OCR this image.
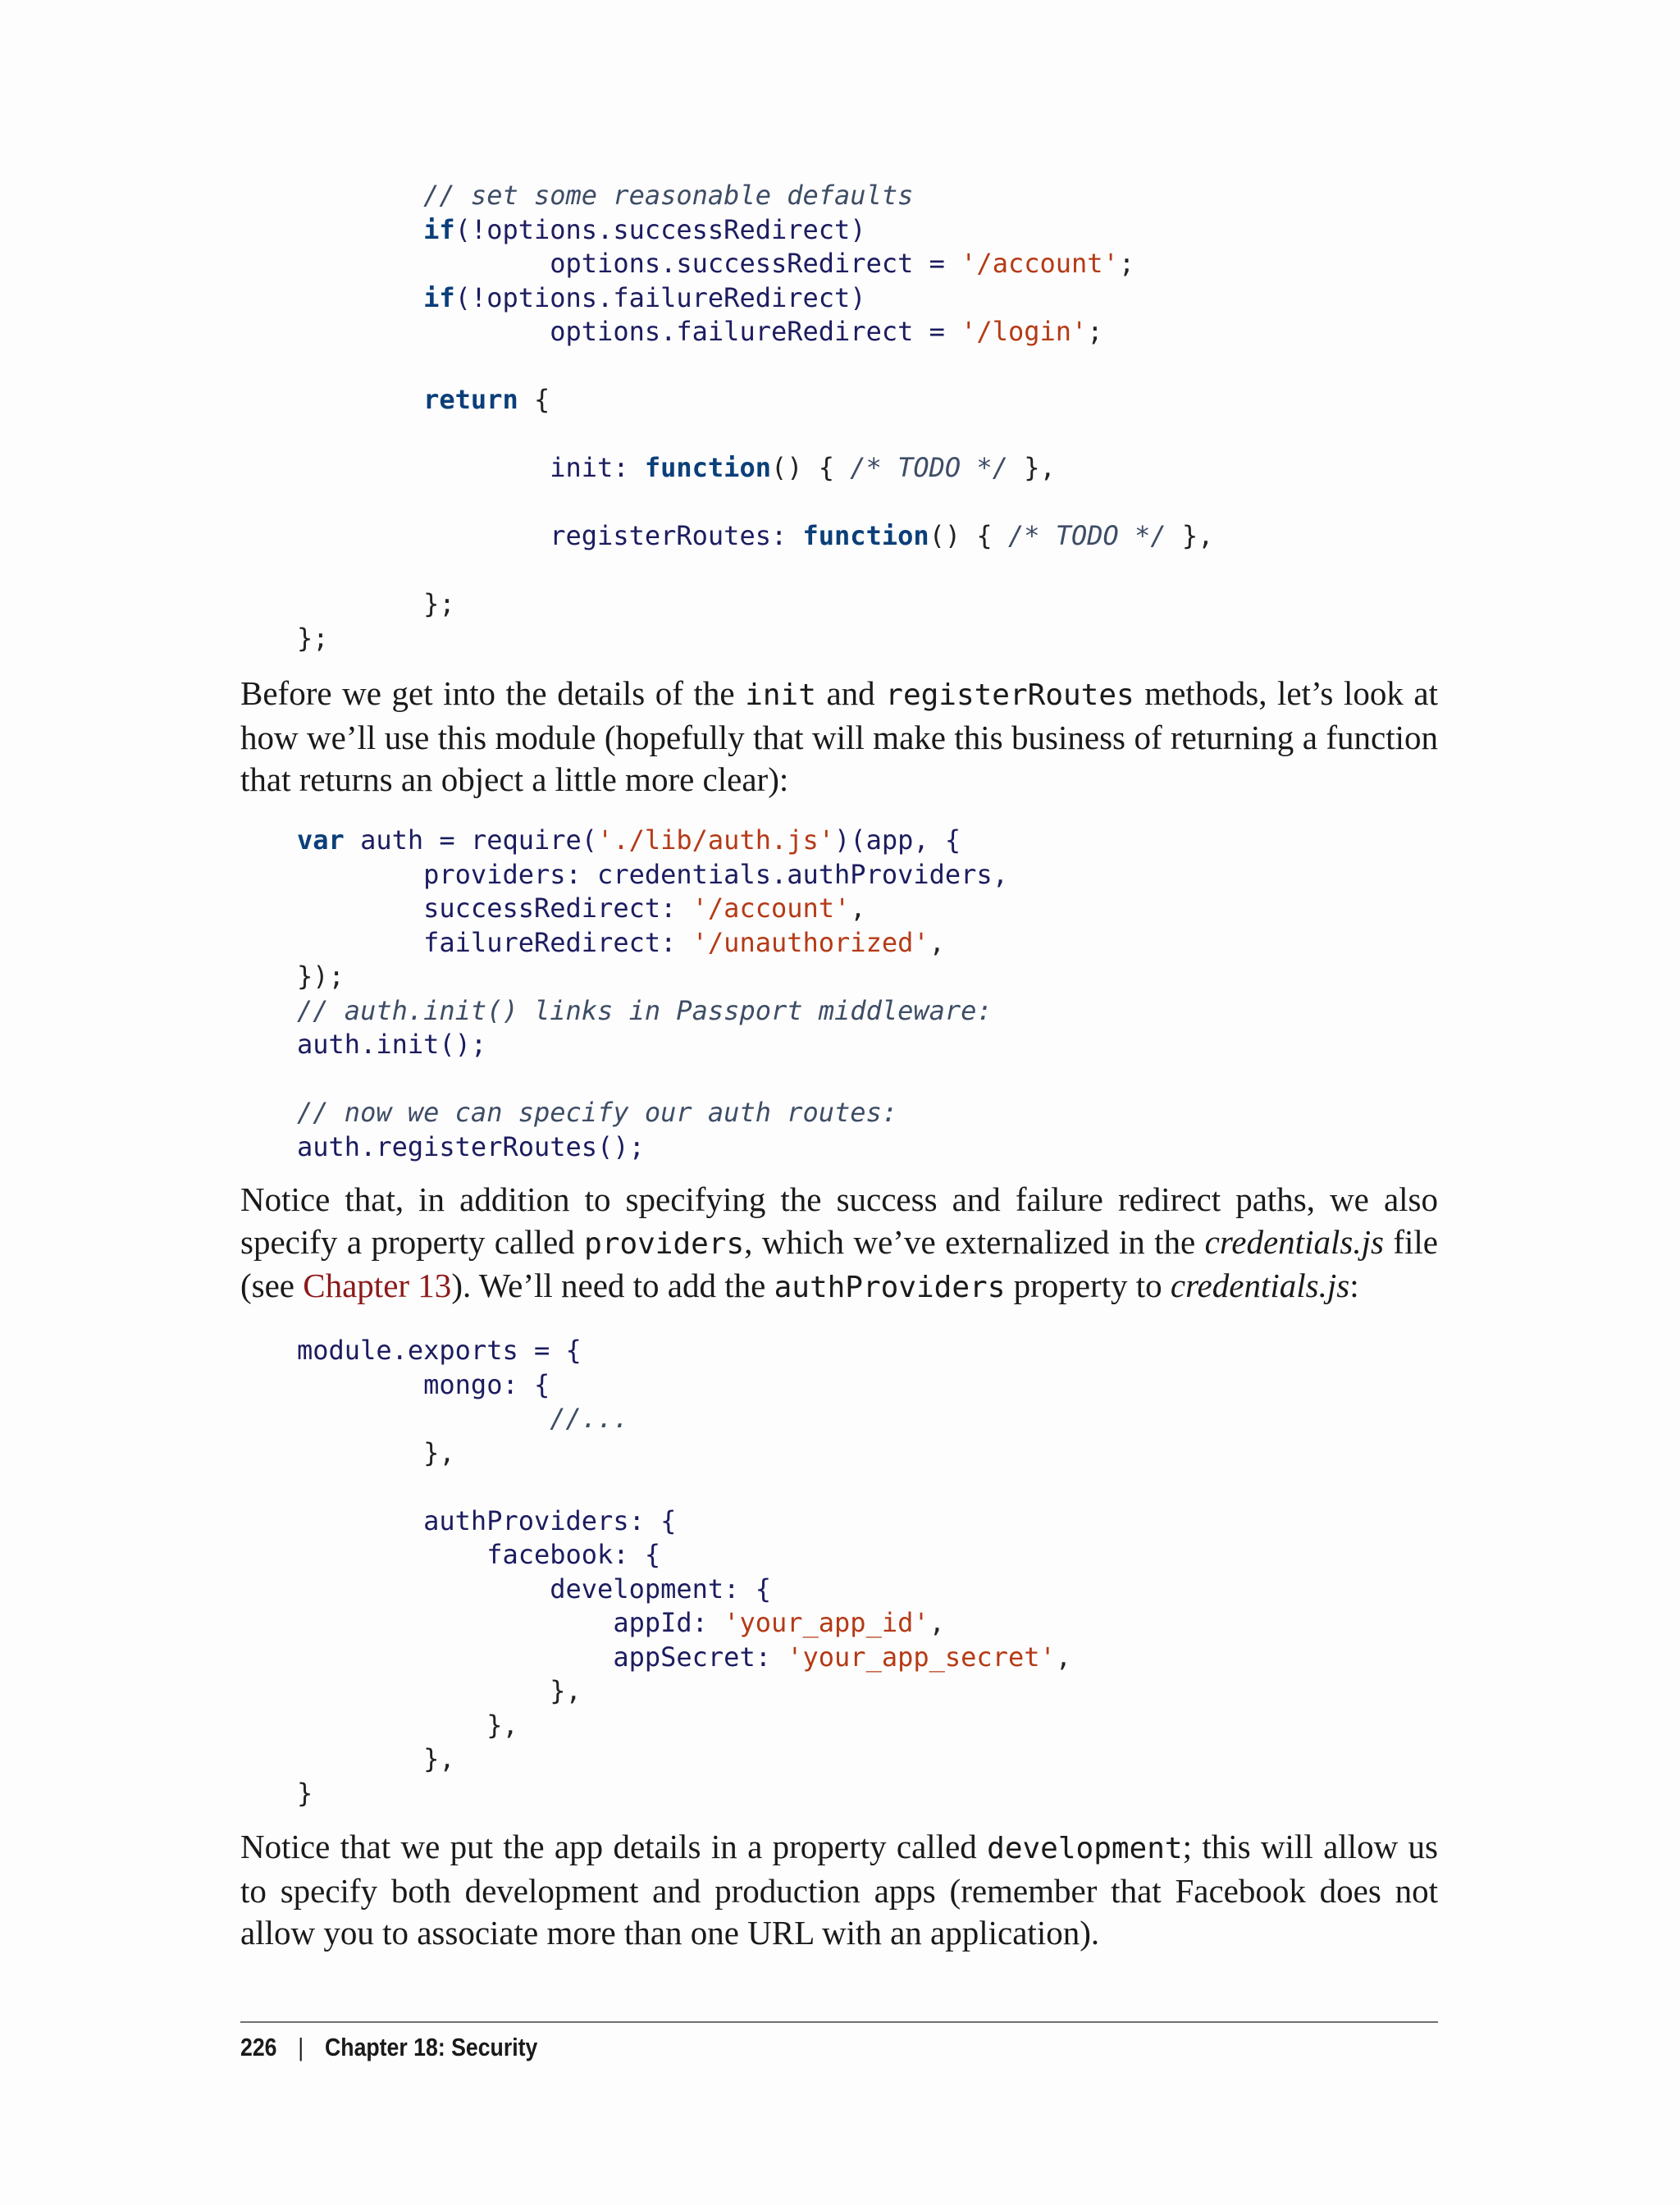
// set some reasonable defaults
if(!options.successRedirect)
options.successRedirect = '/account';
if(!options.failureRedirect)
options.failureRedirect = '/login';
return {
init: function() { /* TODO */ },
registerRoutes: function() { /* TODO */ },
};
};

Before we get into the details of the init and registerRoutes methods, let’s look at how we’ll use this module (hopefully that will make this business of returning a function that returns an object a little more clear):

var auth = require('./lib/auth.js')(app, {
providers: credentials.authProviders,
successRedirect: '/account',
failureRedirect: '/unauthorized',
});
// auth.init() links in Passport middleware:
auth.init();
// now we can specify our auth routes:
auth.registerRoutes();

Notice that, in addition to specifying the success and failure redirect paths, we also specify a property called providers, which we’ve externalized in the credentials.js file (see Chapter 13). We’ll need to add the authProviders property to credentials.js:

module.exports = {
mongo: {
//...
},
authProviders: {
facebook: {
development: {
appId: 'your_app_id',
appSecret: 'your_app_secret',
},
},
},
}

Notice that we put the app details in a property called development; this will allow us to specify both development and production apps (remember that Facebook does not allow you to associate more than one URL with an application).

226 | Chapter 18: Security
